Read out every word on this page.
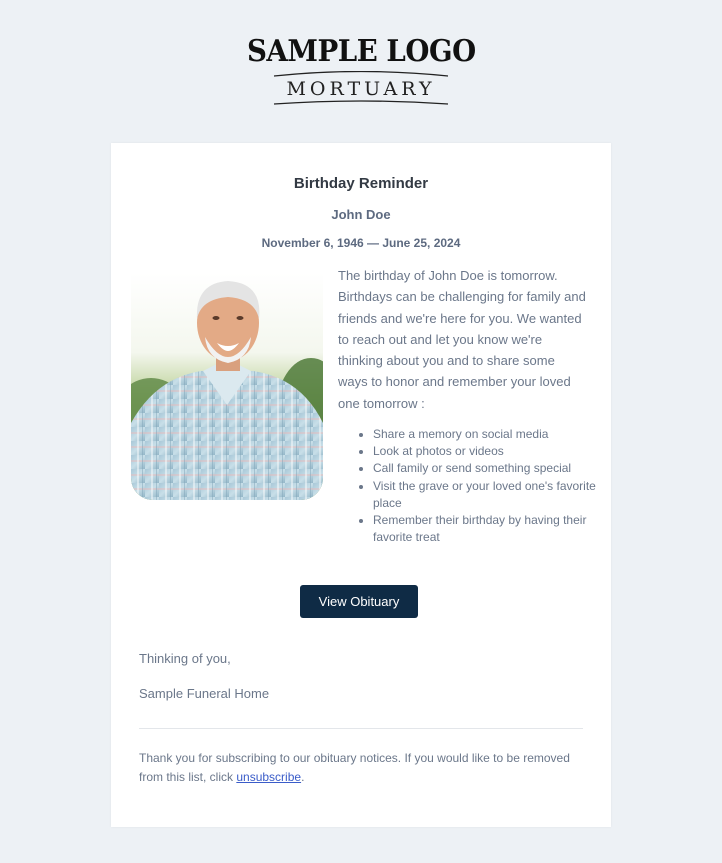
SAMPLE LOGO
MORTUARY
Birthday Reminder
John Doe
November 6, 1946 — June 25, 2024

The birthday of John Doe is tomorrow. Birthdays can be challenging for family and friends and we're here for you. We wanted to reach out and let you know we're thinking about you and to share some ways to honor and remember your loved one tomorrow :

• Share a memory on social media
• Look at photos or videos
• Call family or send something special
• Visit the grave or your loved one's favorite place
• Remember their birthday by having their favorite treat
View Obituary
Thinking of you,
Sample Funeral Home
Thank you for subscribing to our obituary notices. If you would like to be removed from this list, click unsubscribe.
